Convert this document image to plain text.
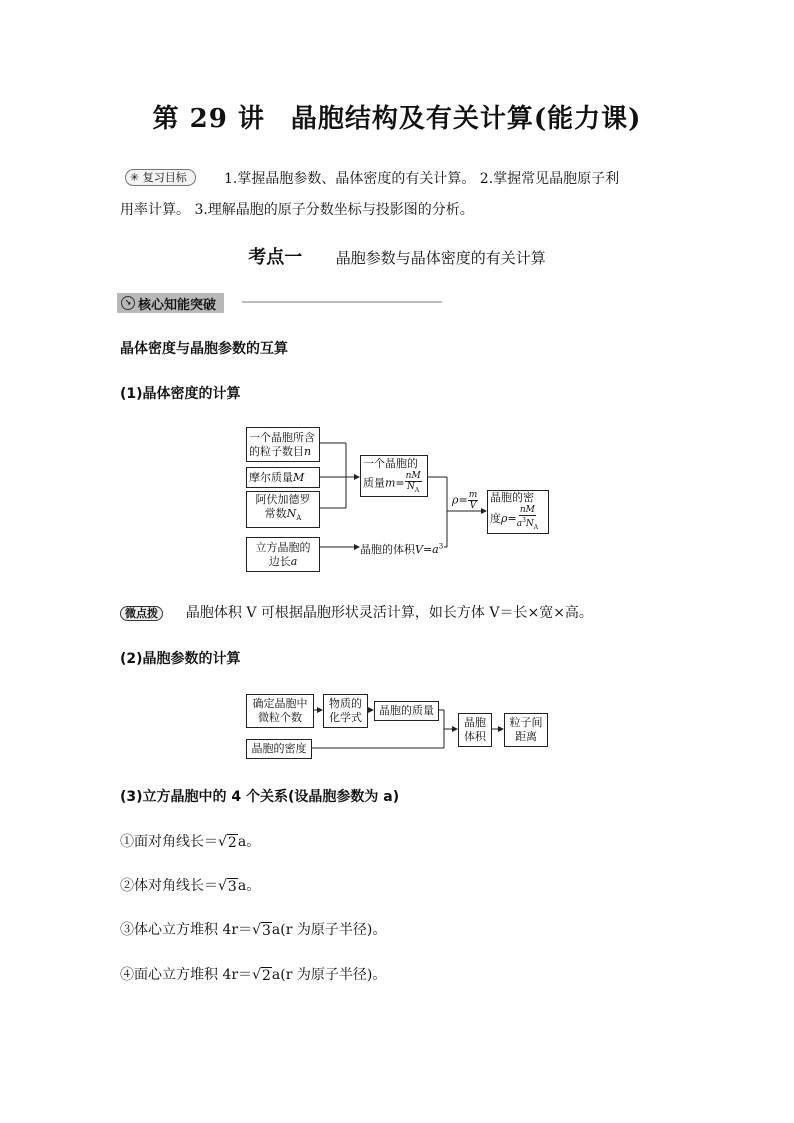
第 29 讲 晶胞结构及有关计算(能力课)
✳ 复习目标	1.掌握晶胞参数、晶体密度的有关计算。 2.掌握常见晶胞原子利
用率计算。 3.理解晶胞的原子分数坐标与投影图的分析。
考点一 晶胞参数与晶体密度的有关计算
↘ 核心知能突破
晶体密度与晶胞参数的互算
(1)晶体密度的计算
一个晶胞所含
的粒子数目n
摩尔质量M
阿伏加德罗
常数$N_A$
立方晶胞的
边长a
一个晶胞的
质量$m= \frac{nM}{N_A}$
晶胞的体积$V=a^3$
$\rho= \frac{m}{V}$ 晶胞的密
度$\rho= \frac{nM}{a^3N_A}$
微点拨 晶胞体积 V 可根据晶胞形状灵活计算，如长方体 V＝长×宽×高。
(2)晶胞参数的计算
确定晶胞中
微粒个数
物质的
化学式
晶胞的质量
晶胞的密度
晶胞
体积
粒子间
距离
(3)立方晶胞中的 4 个关系(设晶胞参数为 a)
①面对角线长＝√ 2 a。
②体对角线长＝√ 3 a。
③体心立方堆积 4r＝√ 3 a(r 为原子半径)。
④面心立方堆积 4r＝√ 2 a(r 为原子半径)。
